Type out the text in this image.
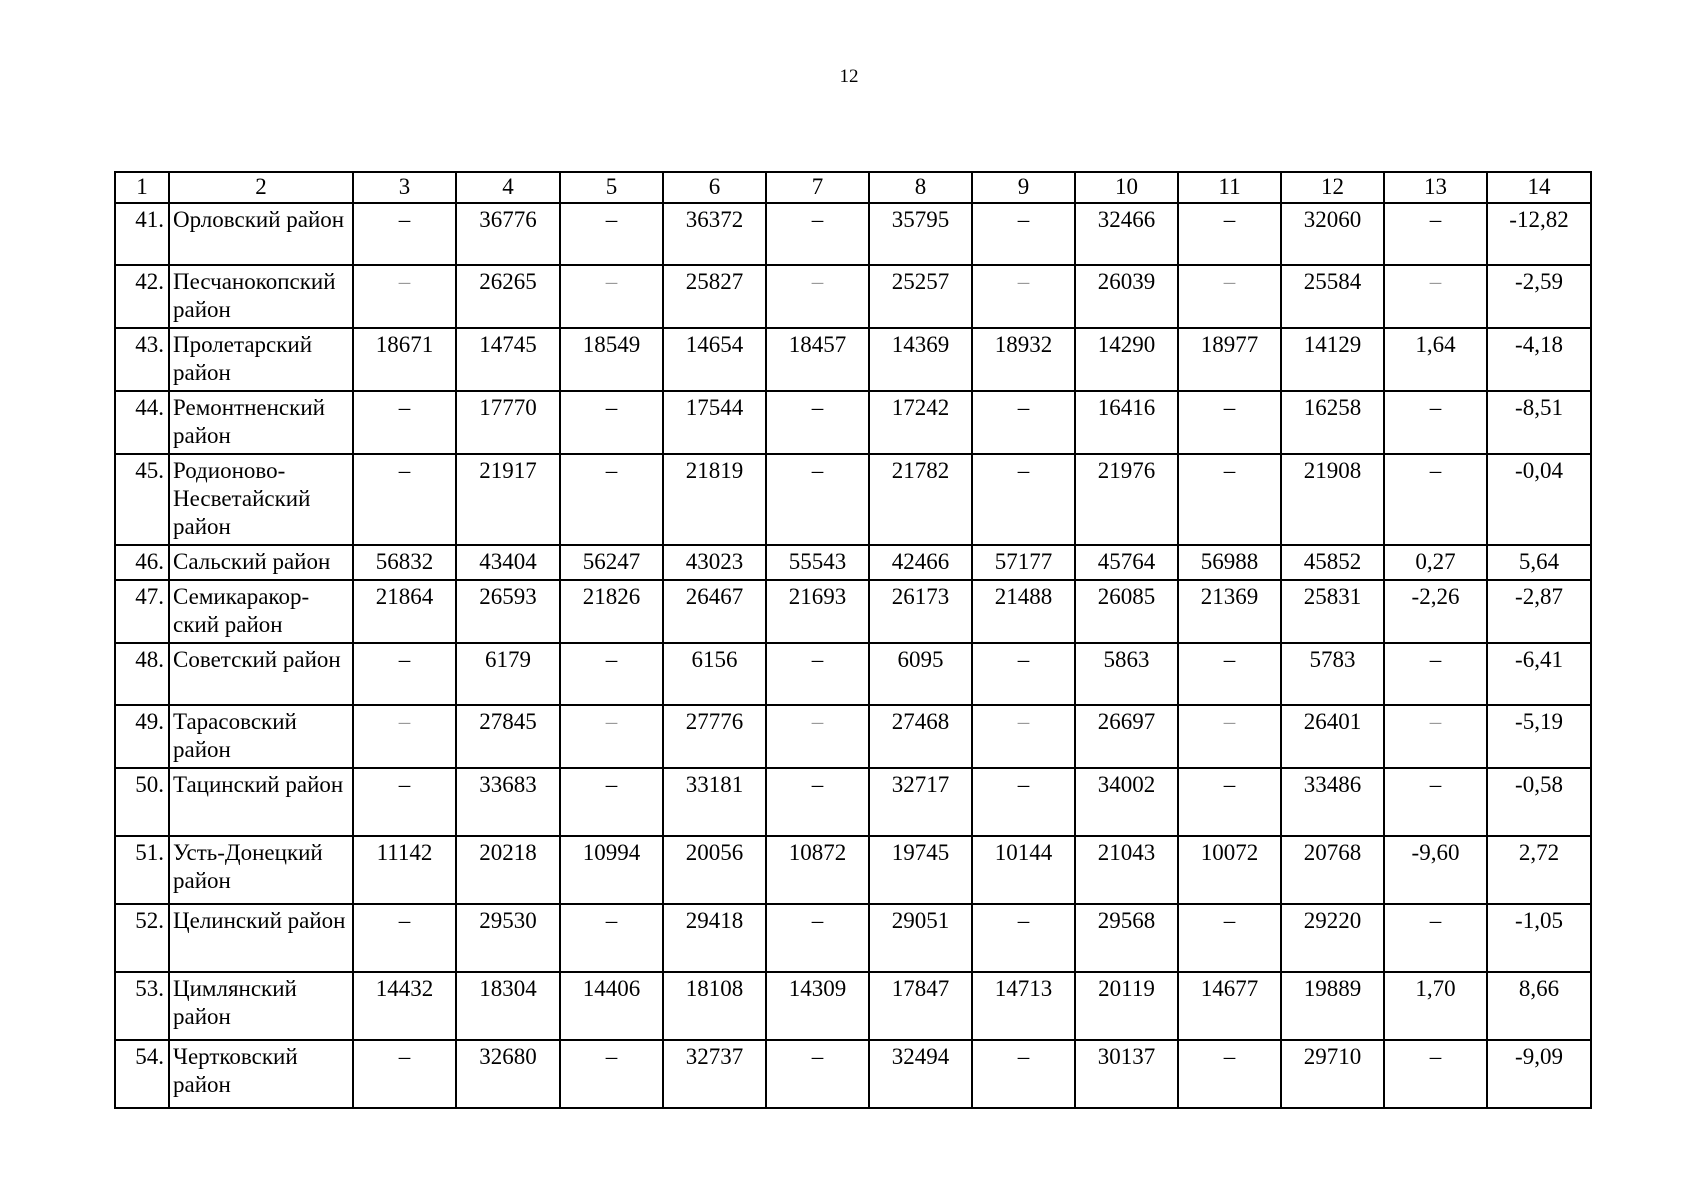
12
1	2	3	4	5	6	7	8	9	10	11	12	13	14
41.	Орловский район	–	36776	–	36372	–	35795	–	32466	–	32060	–	-12,82
42.	Песчанокопский район	–	26265	–	25827	–	25257	–	26039	–	25584	–	-2,59
43.	Пролетарский район	18671	14745	18549	14654	18457	14369	18932	14290	18977	14129	1,64	-4,18
44.	Ремонтненский район	–	17770	–	17544	–	17242	–	16416	–	16258	–	-8,51
45.	Родионово-Несветайский район	–	21917	–	21819	–	21782	–	21976	–	21908	–	-0,04
46.	Сальский район	56832	43404	56247	43023	55543	42466	57177	45764	56988	45852	0,27	5,64
47.	Семикаракор-ский район	21864	26593	21826	26467	21693	26173	21488	26085	21369	25831	-2,26	-2,87
48.	Советский район	–	6179	–	6156	–	6095	–	5863	–	5783	–	-6,41
49.	Тарасовский район	–	27845	–	27776	–	27468	–	26697	–	26401	–	-5,19
50.	Тацинский район	–	33683	–	33181	–	32717	–	34002	–	33486	–	-0,58
51.	Усть-Донецкий район	11142	20218	10994	20056	10872	19745	10144	21043	10072	20768	-9,60	2,72
52.	Целинский район	–	29530	–	29418	–	29051	–	29568	–	29220	–	-1,05
53.	Цимлянский район	14432	18304	14406	18108	14309	17847	14713	20119	14677	19889	1,70	8,66
54.	Чертковский район	–	32680	–	32737	–	32494	–	30137	–	29710	–	-9,09
